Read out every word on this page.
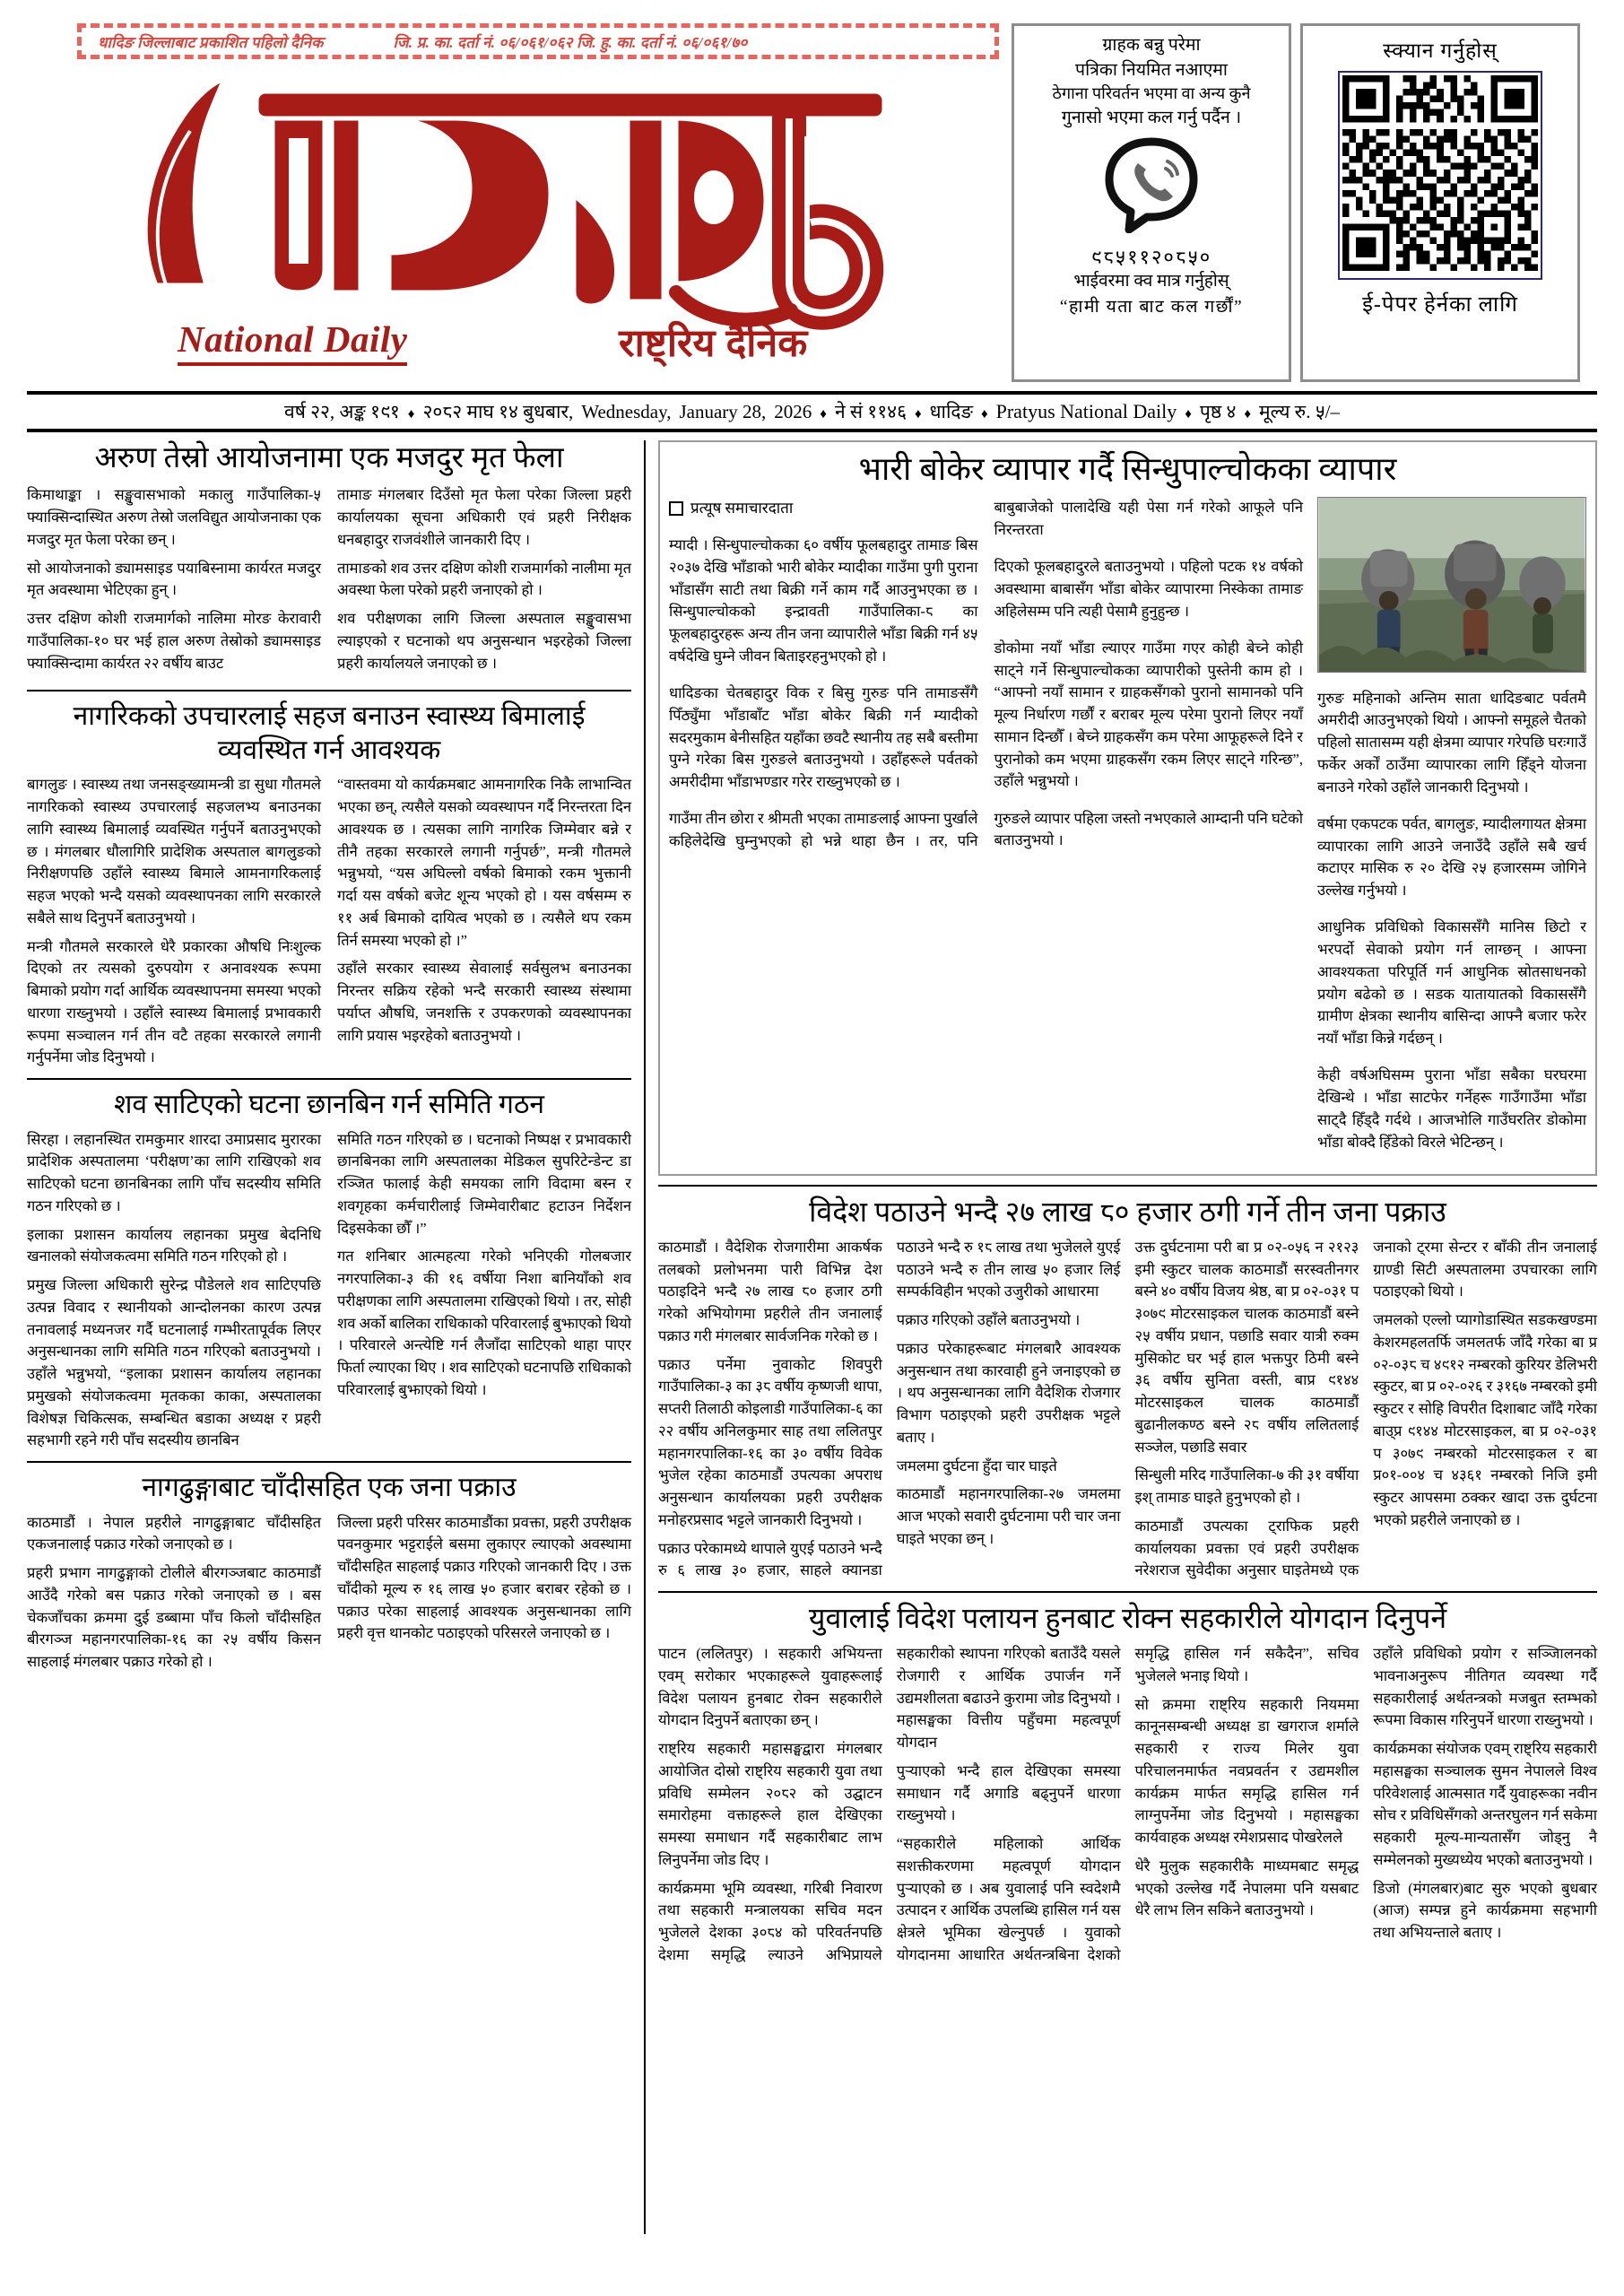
धादिङ जिल्लाबाट प्रकाशित पहिलो दैनिक	जि. प्र. का. दर्ता नं. ०६/०६१/०६२ जि. हु. का. दर्ता नं. ०६/०६१/७०
National Daily	राष्ट्रिय दैनिक
ग्राहक बन्नु परेमा
पत्रिका नियमित नआएमा
ठेगाना परिवर्तन भएमा वा अन्य कुनै
गुनासो भएमा कल गर्नु पर्दैन ।
९८५११२०८५०
भाईवरमा क्व मात्र गर्नुहोस्
“हामी यता बाट कल गर्छौं”
स्क्यान गर्नुहोस्
ई-पेपर हेर्नका लागि
वर्ष २२, अङ्क १९१ ♦ २०८२ माघ १४ बुधबार, Wednesday, January 28, 2026 ♦ ने सं ११४६ ♦ धादिङ ♦ Pratyus National Daily ♦ पृष्ठ ४ ♦ मूल्य रु. ५/–
अरुण तेस्रो आयोजनामा एक मजदुर मृत फेला

किमाथाङ्का । सङ्खुवासभाको मकालु गाउँपालिका-५ फ्याक्सिन्दास्थित अरुण तेस्रो जलविद्युत आयोजनाका एक मजदुर मृत फेला परेका छन् ।

सो आयोजनाको ड्यामसाइड पयाबिस्नामा कार्यरत मजदुर मृत अवस्थामा भेटिएका हुन् ।

उत्तर दक्षिण कोशी राजमार्गको नालिमा मोरङ केरावारी गाउँपालिका-१० घर भई हाल अरुण तेस्रोको ड्यामसाइड फ्याक्सिन्दामा कार्यरत २२ वर्षीय बाउट

तामाङ मंगलबार दिउँसो मृत फेला परेका जिल्ला प्रहरी कार्यालयका सूचना अधिकारी एवं प्रहरी निरीक्षक धनबहादुर राजवंशीले जानकारी दिए ।

तामाङको शव उत्तर दक्षिण कोशी राजमार्गको नालीमा मृत अवस्था फेला परेको प्रहरी जनाएको हो ।

शव परीक्षणका लागि जिल्ला अस्पताल सङ्खुवासभा ल्याइएको र घटनाको थप अनुसन्धान भइरहेको जिल्ला प्रहरी कार्यालयले जनाएको छ ।

नागरिकको उपचारलाई सहज बनाउन स्वास्थ्य बिमालाई व्यवस्थित गर्न आवश्यक

बागलुङ । स्वास्थ्य तथा जनसङ्ख्यामन्त्री डा सुधा गौतमले नागरिकको स्वास्थ्य उपचारलाई सहजलभ्य बनाउनका लागि स्वास्थ्य बिमालाई व्यवस्थित गर्नुपर्ने बताउनुभएको छ । मंगलबार धौलागिरि प्रादेशिक अस्पताल बागलुङको निरीक्षणपछि उहाँले स्वास्थ्य बिमाले आमनागरिकलाई सहज भएको भन्दै यसको व्यवस्थापनका लागि सरकारले सबैले साथ दिनुपर्ने बताउनुभयो ।

मन्त्री गौतमले सरकारले धेरै प्रकारका औषधि निःशुल्क दिएको तर त्यसको दुरुपयोग र अनावश्यक रूपमा बिमाको प्रयोग गर्दा आर्थिक व्यवस्थापनमा समस्या भएको धारणा राख्नुभयो । उहाँले स्वास्थ्य बिमालाई प्रभावकारी रूपमा सञ्चालन गर्न तीन वटै तहका सरकारले लगानी गर्नुपर्नेमा जोड दिनुभयो ।

“वास्तवमा यो कार्यक्रमबाट आमनागरिक निकै लाभान्वित भएका छन्, त्यसैले यसको व्यवस्थापन गर्दै निरन्तरता दिन आवश्यक छ । त्यसका लागि नागरिक जिम्मेवार बन्ने र तीनै तहका सरकारले लगानी गर्नुपर्छ”, मन्त्री गौतमले भन्नुभयो, “यस अघिल्लो वर्षको बिमाको रकम भुक्तानी गर्दा यस वर्षको बजेट शून्य भएको हो । यस वर्षसम्म रु ११ अर्ब बिमाको दायित्व भएको छ । त्यसैले थप रकम तिर्न समस्या भएको हो ।”

उहाँले सरकार स्वास्थ्य सेवालाई सर्वसुलभ बनाउनका निरन्तर सक्रिय रहेको भन्दै सरकारी स्वास्थ्य संस्थामा पर्याप्त औषधि, जनशक्ति र उपकरणको व्यवस्थापनका लागि प्रयास भइरहेको बताउनुभयो ।

शव साटिएको घटना छानबिन गर्न समिति गठन

सिरहा । लहानस्थित रामकुमार शारदा उमाप्रसाद मुरारका प्रादेशिक अस्पतालमा ‘परीक्षण’का लागि राखिएको शव साटिएको घटना छानबिनका लागि पाँच सदस्यीय समिति गठन गरिएको छ ।

इलाका प्रशासन कार्यालय लहानका प्रमुख बेदनिधि खनालको संयोजकत्वमा समिति गठन गरिएको हो ।

प्रमुख जिल्ला अधिकारी सुरेन्द्र पौडेलले शव साटिएपछि उत्पन्न विवाद र स्थानीयको आन्दोलनका कारण उत्पन्न तनावलाई मध्यनजर गर्दै घटनालाई गम्भीरतापूर्वक लिएर अनुसन्धानका लागि समिति गठन गरिएको बताउनुभयो । उहाँले भन्नुभयो, “इलाका प्रशासन कार्यालय लहानका प्रमुखको संयोजकत्वमा मृतकका काका, अस्पतालका विशेषज्ञ चिकित्सक, सम्बन्धित बडाका अध्यक्ष र प्रहरी सहभागी रहने गरी पाँच सदस्यीय छानबिन

समिति गठन गरिएको छ । घटनाको निष्पक्ष र प्रभावकारी छानबिनका लागि अस्पतालका मेडिकल सुपरिटेन्डेन्ट डा रञ्जित फालाई केही समयका लागि विदामा बस्न र शवगृहका कर्मचारीलाई जिम्मेवारीबाट हटाउन निर्देशन दिइसकेका छौँ ।”

गत शनिबार आत्महत्या गरेको भनिएकी गोलबजार नगरपालिका-३ की १६ वर्षीया निशा बानियाँको शव परीक्षणका लागि अस्पतालमा राखिएको थियो । तर, सोही शव अर्काे बालिका राधिकाको परिवारलाई बुझाएको थियो । परिवारले अन्त्येष्टि गर्न लैजाँदा साटिएको थाहा पाएर फिर्ता ल्याएका थिए । शव साटिएको घटनापछि राधिकाको परिवारलाई बुझाएको थियो ।

नागढुङ्गाबाट चाँदीसहित एक जना पक्राउ

काठमाडौं । नेपाल प्रहरीले नागढुङ्गाबाट चाँदीसहित एकजनालाई पक्राउ गरेको जनाएको छ ।

प्रहरी प्रभाग नागढुङ्गाको टोलीले बीरगञ्जबाट काठमाडौं आउँदै गरेको बस पक्राउ गरेको जनाएको छ । बस चेकजाँचका क्रममा दुई डब्बामा पाँच किलो चाँदीसहित बीरगञ्ज महानगरपालिका-१६ का २५ वर्षीय किसन साहलाई मंगलबार पक्राउ गरेको हो ।

जिल्ला प्रहरी परिसर काठमाडौंका प्रवक्ता, प्रहरी उपरीक्षक पवनकुमार भट्टराईले बसमा लुकाएर ल्याएको अवस्थामा चाँदीसहित साहलाई पक्राउ गरिएको जानकारी दिए । उक्त चाँदीको मूल्य रु १६ लाख ५० हजार बराबर रहेको छ । पक्राउ परेका साहलाई आवश्यक अनुसन्धानका लागि प्रहरी वृत्त थानकोट पठाइएको परिसरले जनाएको छ ।

भारी बोकेर व्यापार गर्दै सिन्धुपाल्चोकका व्यापार
प्रत्यूष समाचारदाता

म्यादी । सिन्धुपाल्चोकका ६० वर्षीय फूलबहादुर तामाङ बिस २०३७ देखि भाँडाको भारी बोकेर म्यादीका गाउँमा पुगी पुराना भाँडासँग साटी तथा बिक्री गर्ने काम गर्दै आउनुभएका छ । सिन्धुपाल्चोकको इन्द्रावती गाउँपालिका-८ का फूलबहादुरहरू अन्य तीन जना व्यापारीले भाँडा बिक्री गर्न ४५ वर्षदेखि घुम्ने जीवन बिताइरहनुभएको हो ।

धादिङका चेतबहादुर विक र बिसु गुरुङ पनि तामाङसँगै पिँठ्युँमा भाँडाबाँट भाँडा बोकेर बिक्री गर्न म्यादीको सदरमुकाम बेनीसहित यहाँका छवटै स्थानीय तह सबै बस्तीमा पुग्ने गरेका बिस गुरुङले बताउनुभयो । उहाँहरूले पर्वतको अमरीदीमा भाँडाभण्डार गरेर राख्नुभएको छ ।

गाउँमा तीन छोरा र श्रीमती भएका तामाङलाई आफ्ना पुर्खाले कहिलेदेखि घुम्नुभएको हो भन्ने थाहा छैन । तर, पनि बाबुबाजेको पालादेखि यही पेसा गर्न गरेको आफूले पनि निरन्तरता

दिएको फूलबहादुरले बताउनुभयो । पहिलो पटक १४ वर्षको अवस्थामा बाबासँग भाँडा बोकेर व्यापारमा निस्केका तामाङ अहिलेसम्म पनि त्यही पेसामै हुनुहुन्छ ।

डोकोमा नयाँ भाँडा ल्याएर गाउँमा गएर कोही बेच्ने कोही साट्ने गर्ने सिन्धुपाल्चोकका व्यापारीको पुस्तेनी काम हो । “आफ्नो नयाँ सामान र ग्राहकसँगको पुरानो सामानको पनि मूल्य निर्धारण गर्छौं र बराबर मूल्य परेमा पुरानो लिएर नयाँ सामान दिन्छौँ । बेच्ने ग्राहकसँग कम परेमा आफूहरूले दिने र पुरानोको कम भएमा ग्राहकसँग रकम लिएर साट्ने गरिन्छ”, उहाँले भन्नुभयो ।

गुरुङले व्यापार पहिला जस्तो नभएकाले आम्दानी पनि घटेको बताउनुभयो ।

गुरुङ महिनाको अन्तिम साता धादिङबाट पर्वतमै अमरीदी आउनुभएको थियो । आफ्नो समूहले चैतको पहिलो सातासम्म यही क्षेत्रमा व्यापार गरेपछि घरःगाउँ फर्केर अर्कों ठाउँमा व्यापारका लागि हिँड्ने योजना बनाउने गरेको उहाँले जानकारी दिनुभयो ।

वर्षमा एकपटक पर्वत, बागलुङ, म्यादीलगायत क्षेत्रमा व्यापारका लागि आउने जनाउँदै उहाँले सबै खर्च कटाएर मासिक रु २० देखि २५ हजारसम्म जोगिने उल्लेख गर्नुभयो ।

आधुनिक प्रविधिको विकाससँगै मानिस छिटो र भरपर्दाे सेवाको प्रयोग गर्न लाग्छन् । आफ्ना आवश्यकता परिपूर्ति गर्न आधुनिक स्रोतसाधनको प्रयोग बढेको छ । सडक यातायातको विकाससँगै ग्रामीण क्षेत्रका स्थानीय बासिन्दा आफ्नै बजार फरेर नयाँ भाँडा किन्ने गर्दछन् ।

केही वर्षअघिसम्म पुराना भाँडा सबैका घरघरमा देखिन्थे । भाँडा साटफेर गर्नेहरू गाउँगाउँमा भाँडा साट्दै हिँड्दै गर्दथे । आजभोलि गाउँघरतिर डोकोमा भाँडा बोक्दै हिँडेको विरले भेटिन्छन् ।

विदेश पठाउने भन्दै २७ लाख ८० हजार ठगी गर्ने तीन जना पक्राउ

काठमाडौं । वैदेशिक रोजगारीमा आकर्षक तलबको प्रलोभनमा पारी विभिन्न देश पठाइदिने भन्दै २७ लाख ८० हजार ठगी गरेको अभियोगमा प्रहरीले तीन जनालाई पक्राउ गरी मंगलबार सार्वजनिक गरेको छ ।

पक्राउ पर्नेमा नुवाकोट शिवपुरी गाउँपालिका-३ का ३८ वर्षीय कृष्णजी थापा, सप्तरी तिलाठी कोइलाडी गाउँपालिका-६ का २२ वर्षीय अनिलकुमार साह तथा ललितपुर महानगरपालिका-१६ का ३० वर्षीय विवेक भुजेल रहेका काठमाडौं उपत्यका अपराध अनुसन्धान कार्यालयका प्रहरी उपरीक्षक मनोहरप्रसाद भट्टले जानकारी दिनुभयो ।

पक्राउ परेकामध्ये थापाले युएई पठाउने भन्दै रु ६ लाख ३० हजार, साहले क्यानडा पठाउने भन्दै रु १८ लाख तथा भुजेलले युएई पठाउने भन्दै रु तीन लाख ५० हजार लिई सम्पर्कविहीन भएको उजुरीको आधारमा

पक्राउ गरिएको उहाँले बताउनुभयो ।

पक्राउ परेकाहरूबाट मंगलबारै आवश्यक अनुसन्धान तथा कारवाही हुने जनाइएको छ । थप अनुसन्धानका लागि वैदेशिक रोजगार विभाग पठाइएको प्रहरी उपरीक्षक भट्टले बताए ।

जमलमा दुर्घटना हुँदा चार घाइते

काठमाडौं महानगरपालिका-२७ जमलमा आज भएको सवारी दुर्घटनामा परी चार जना घाइते भएका छन् ।

उक्त दुर्घटनामा परी बा प्र ०२-०५६ न २१२३ इमी स्कुटर चालक काठमाडौं सरस्वतीनगर बस्ने ४० वर्षीय विजय श्रेष्ठ, बा प्र ०२-०३१ प ३०७९ मोटरसाइकल चालक काठमाडौं बस्ने २५ वर्षीय प्रधान, पछाडि सवार यात्री रुक्म मुसिकोट घर भई हाल भक्तपुर ठिमी बस्ने ३६ वर्षीय सुनिता वस्ती, बाप्र ९१४४ मोटरसाइकल चालक काठमाडौं बुढानीलकण्ठ बस्ने २८ वर्षीय ललितलाई सञ्जेल, पछाडि सवार

सिन्धुली मरिद गाउँपालिका-७ की ३१ वर्षीया इश् तामाङ घाइते हुनुभएको हो ।

काठमाडौं उपत्यका ट्राफिक प्रहरी कार्यालयका प्रवक्ता एवं प्रहरी उपरीक्षक नरेशराज सुवेदीका अनुसार घाइतेमध्ये एक जनाको ट्रमा सेन्टर र बाँकी तीन जनालाई ग्राण्डी सिटी अस्पतालमा उपचारका लागि पठाइएको थियो ।

जमलको एल्लो प्यागोडास्थित सडकखण्डमा केशरमहलतर्फि जमलतर्फ जाँदै गरेका बा प्र ०२-०३८ च ४९१२ नम्बरको कुरियर डेलिभरी स्कुटर, बा प्र ०२-०२६ र ३१६७ नम्बरको इमी स्कुटर र सोहि विपरीत दिशाबाट जाँदै गरेका बाउ्प्र ९१४४ मोटरसाइकल, बा प्र ०२-०३१ प ३०७९ नम्बरको मोटरसाइकल र बा प्र०१-००४ च ४३६१ नम्बरको निजि इमी स्कुटर आपसमा ठक्कर खादा उक्त दुर्घटना भएको प्रहरीले जनाएको छ ।

युवालाई विदेश पलायन हुनबाट रोक्न सहकारीले योगदान दिनुपर्ने

पाटन (ललितपुर) । सहकारी अभियन्ता एवम् सरोकार भएकाहरूले युवाहरूलाई विदेश पलायन हुनबाट रोक्न सहकारीले योगदान दिनुपर्ने बताएका छन् ।

राष्ट्रिय सहकारी महासङ्घद्वारा मंगलबार आयोजित दोस्रो राष्ट्रिय सहकारी युवा तथा प्रविधि सम्मेलन २०८२ को उद्घाटन समारोहमा वक्ताहरूले हाल देखिएका समस्या समाधान गर्दै सहकारीबाट लाभ लिनुपर्नेमा जोड दिए ।

कार्यक्रममा भूमि व्यवस्था, गरिबी निवारण तथा सहकारी मन्त्रालयका सचिव मदन भुजेलले देशका ३०८४ को परिवर्तनपछि देशमा समृद्धि ल्याउने अभिप्रायले सहकारीको स्थापना गरिएको बताउँदै यसले रोजगारी र आर्थिक उपार्जन गर्ने उद्यमशीलता बढाउने कुरामा जोड दिनुभयो । महासङ्घका वित्तीय पहुँचमा महत्वपूर्ण योगदान

पुऱ्याएको भन्दै हाल देखिएका समस्या समाधान गर्दै अगाडि बढ्नुपर्ने धारणा राख्नुभयो ।

“सहकारीले महिलाको आर्थिक सशक्तीकरणमा महत्वपूर्ण योगदान पुऱ्याएको छ । अब युवालाई पनि स्वदेशमै उत्पादन र आर्थिक उपलब्धि हासिल गर्न यस क्षेत्रले भूमिका खेल्नुपर्छ । युवाको योगदानमा आधारित अर्थतन्त्रबिना देशको समृद्धि हासिल गर्न सकैदैन”, सचिव भुजेलले भनाइ थियो ।

सो क्रममा राष्ट्रिय सहकारी नियममा कानूनसम्बन्धी अध्यक्ष डा खगराज शर्माले सहकारी र राज्य मिलेर युवा परिचालनमार्फत नवप्रवर्तन र उद्यमशील कार्यक्रम मार्फत समृद्धि हासिल गर्न लाग्नुपर्नेमा जोड दिनुभयो । महासङ्घका कार्यवाहक अध्यक्ष रमेशप्रसाद पोखरेलले

धेरै मुलुक सहकारीकै माध्यमबाट समृद्ध भएको उल्लेख गर्दै नेपालमा पनि यसबाट धेरै लाभ लिन सकिने बताउनुभयो ।

उहाँले प्रविधिको प्रयोग र सञ्जिालनको भावनाअनुरूप नीतिगत व्यवस्था गर्दै सहकारीलाई अर्थतन्त्रको मजबुत स्तम्भको रूपमा विकास गरिनुपर्ने धारणा राख्नुभयो ।

कार्यक्रमका संयोजक एवम् राष्ट्रिय सहकारी महासङ्घका सञ्चालक सुमन नेपालले विश्व परिवेशलाई आत्मसात गर्दै युवाहरूका नवीन सोच र प्रविधिसँगको अन्तरघुलन गर्न सकेमा सहकारी मूल्य-मान्यतासँग जोड्नु नै सम्मेलनको मुख्यध्येय भएको बताउनुभयो ।

डिजो (मंगलबार)बाट सुरु भएको बुधबार (आज) सम्पन्न हुने कार्यक्रममा सहभागी तथा अभियन्ताले बताए ।
